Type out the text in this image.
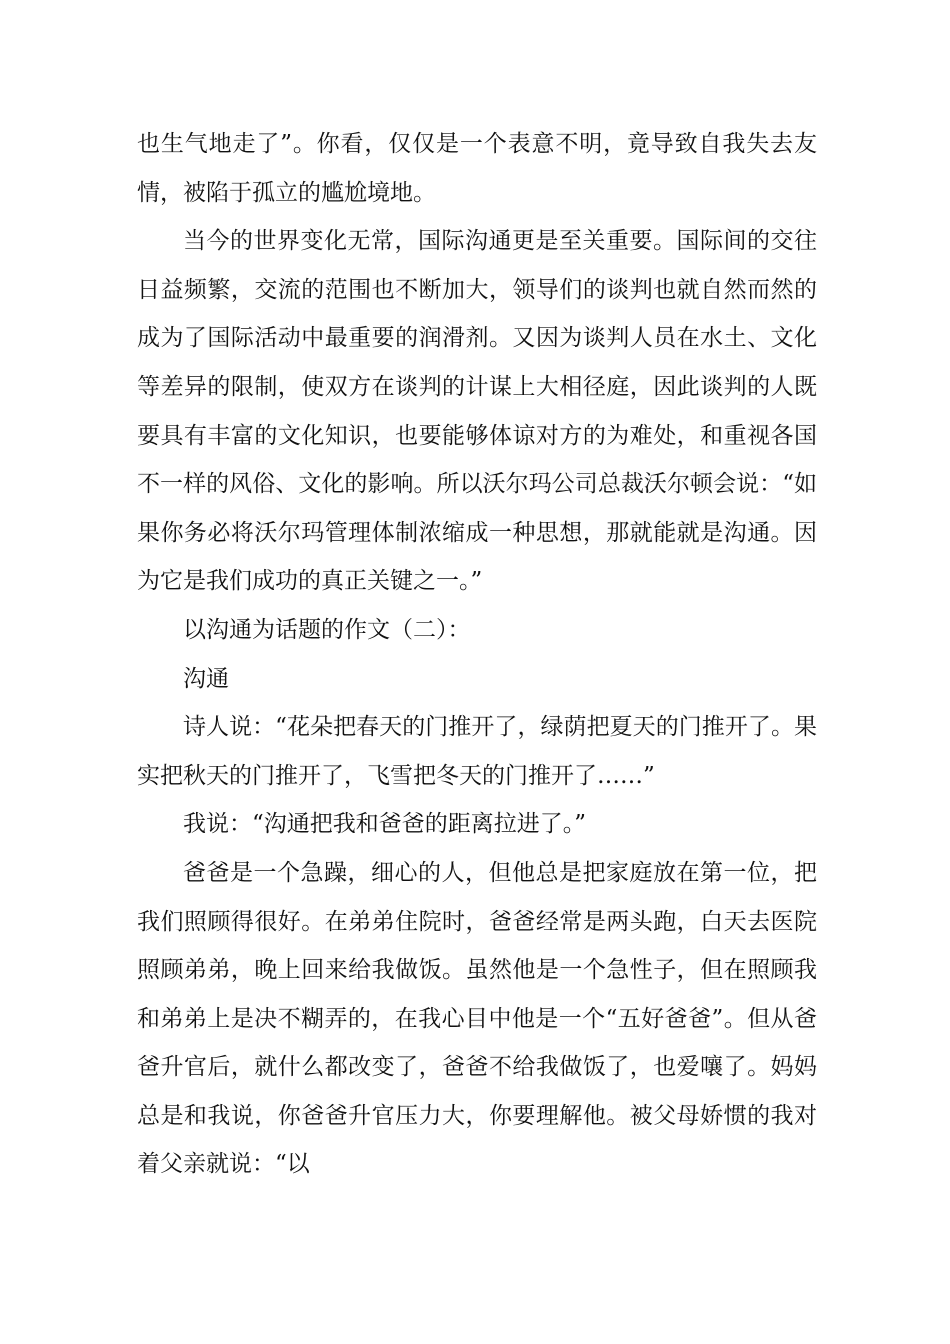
也生气地走了”。你看，仅仅是一个表意不明，竟导致自我失去友情，被陷于孤立的尴尬境地。

当今的世界变化无常，国际沟通更是至关重要。国际间的交往日益频繁，交流的范围也不断加大，领导们的谈判也就自然而然的成为了国际活动中最重要的润滑剂。又因为谈判人员在水土、文化等差异的限制，使双方在谈判的计谋上大相径庭，因此谈判的人既要具有丰富的文化知识，也要能够体谅对方的为难处，和重视各国不一样的风俗、文化的影响。所以沃尔玛公司总裁沃尔顿会说：“如果你务必将沃尔玛管理体制浓缩成一种思想，那就能就是沟通。因为它是我们成功的真正关键之一。”

以沟通为话题的作文（二）：

沟通

诗人说：“花朵把春天的门推开了，绿荫把夏天的门推开了。果实把秋天的门推开了，飞雪把冬天的门推开了……”

我说：“沟通把我和爸爸的距离拉进了。”

爸爸是一个急躁，细心的人，但他总是把家庭放在第一位，把我们照顾得很好。在弟弟住院时，爸爸经常是两头跑，白天去医院照顾弟弟，晚上回来给我做饭。虽然他是一个急性子，但在照顾我和弟弟上是决不糊弄的，在我心目中他是一个“五好爸爸”。但从爸爸升官后，就什么都改变了，爸爸不给我做饭了，也爱嚷了。妈妈总是和我说，你爸爸升官压力大，你要理解他。被父母娇惯的我对着父亲就说：“以
